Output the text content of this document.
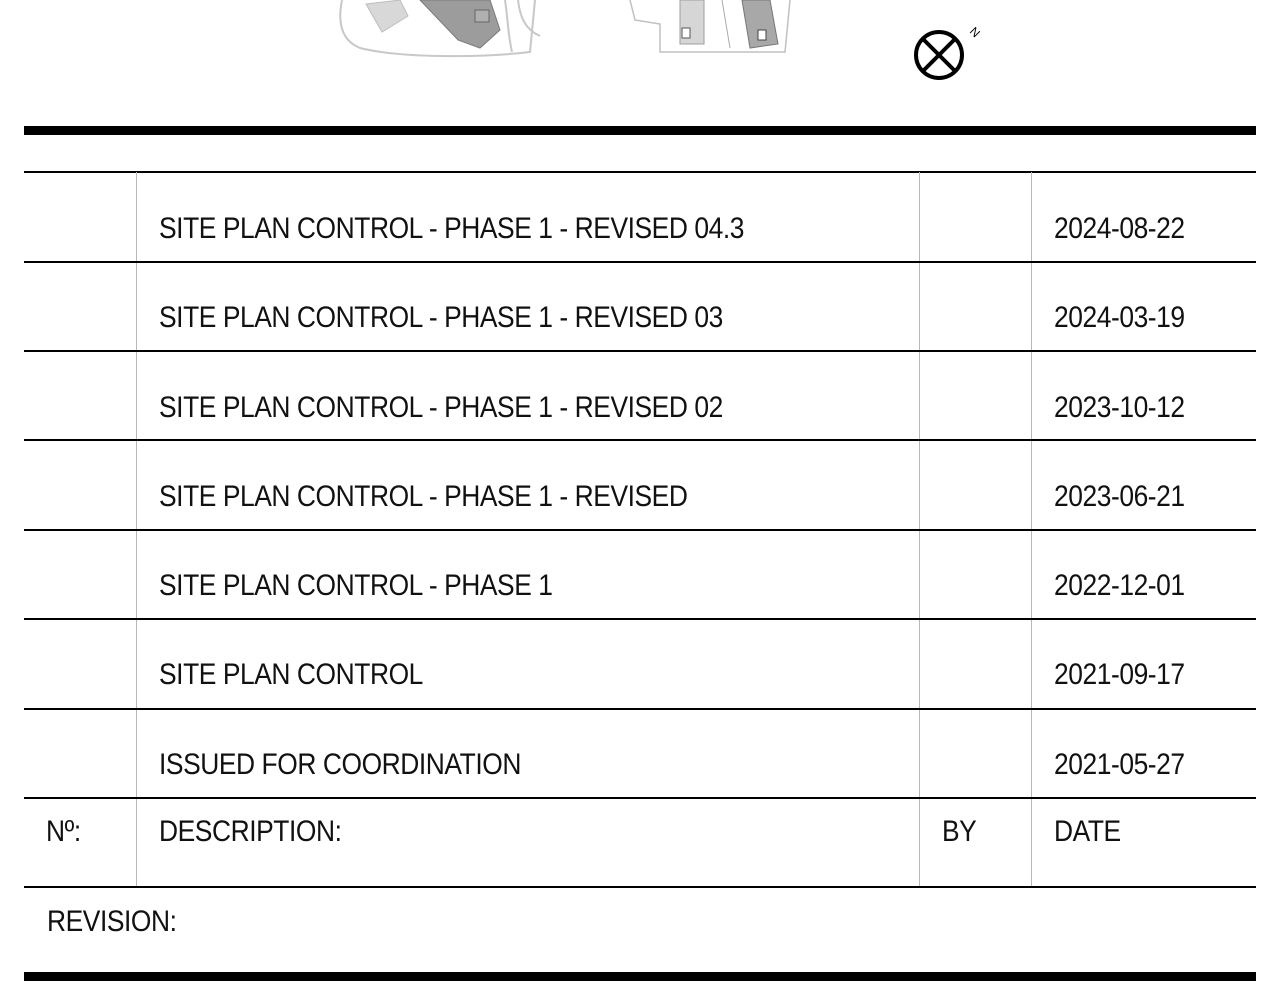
N
SITE PLAN CONTROL - PHASE 1 - REVISED 04.3	2024-08-22
SITE PLAN CONTROL - PHASE 1 - REVISED 03	2024-03-19
SITE PLAN CONTROL - PHASE 1 - REVISED 02	2023-10-12
SITE PLAN CONTROL - PHASE 1 - REVISED	2023-06-21
SITE PLAN CONTROL - PHASE 1	2022-12-01
SITE PLAN CONTROL	2021-09-17
ISSUED FOR COORDINATION	2021-05-27
Nº:	DESCRIPTION:	BY	DATE
REVISION:
